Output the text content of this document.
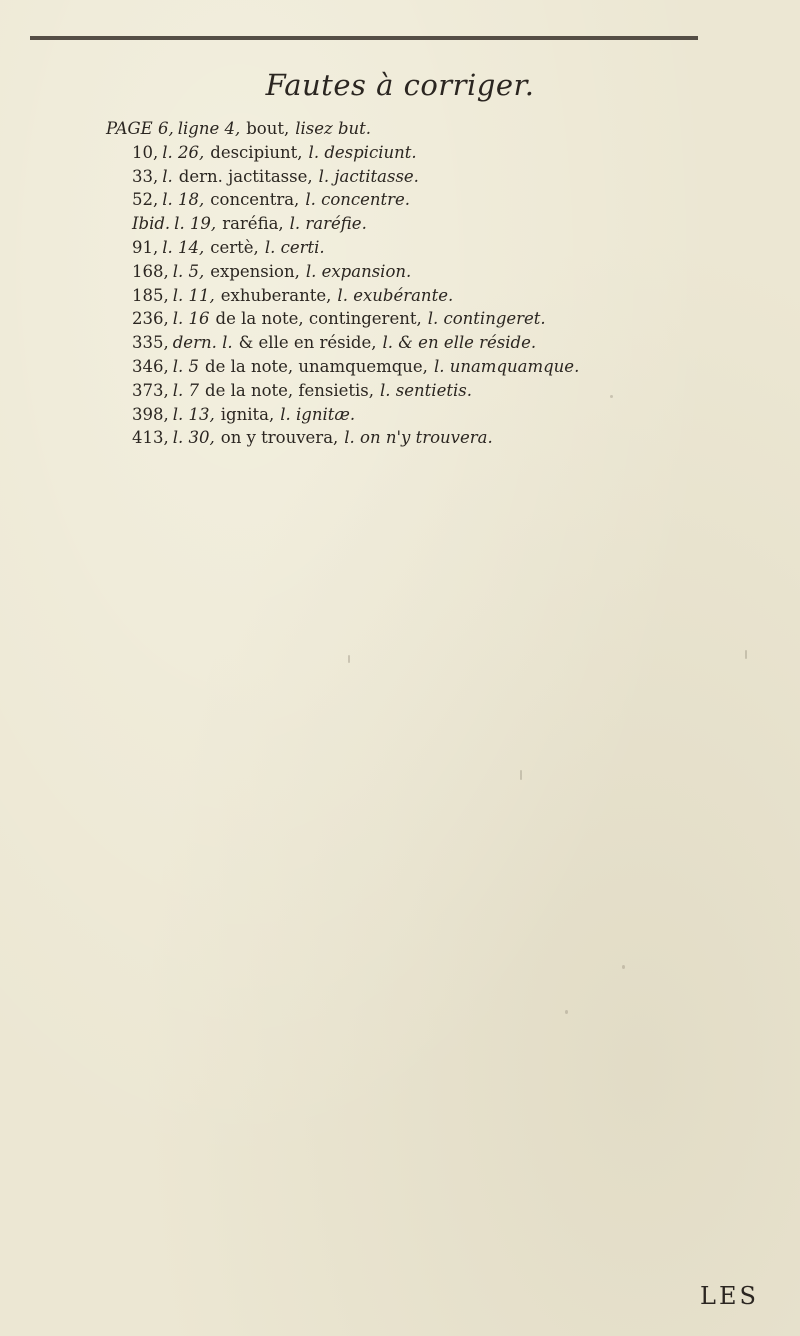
Fautes à corriger.
PAGE 6, ligne 4, bout, lisez but.
10, l. 26, descipiunt, l. despiciunt.
33, l. dern. jactitasse, l. jactitasse.
52, l. 18, concentra, l. concentre.
Ibid. l. 19, raréfia, l. raréfie.
91, l. 14, certè, l. certi.
168, l. 5, expension, l. expansion.
185, l. 11, exhuberante, l. exubérante.
236, l. 16 de la note, contingerent, l. contingeret.
335, dern. l. & elle en réside, l. & en elle réside.
346, l. 5 de la note, unamquemque, l. unamquamque.
373, l. 7 de la note, fensietis, l. sentietis.
398, l. 13, ignita, l. ignitæ.
413, l. 30, on y trouvera, l. on n'y trouvera.
LES
